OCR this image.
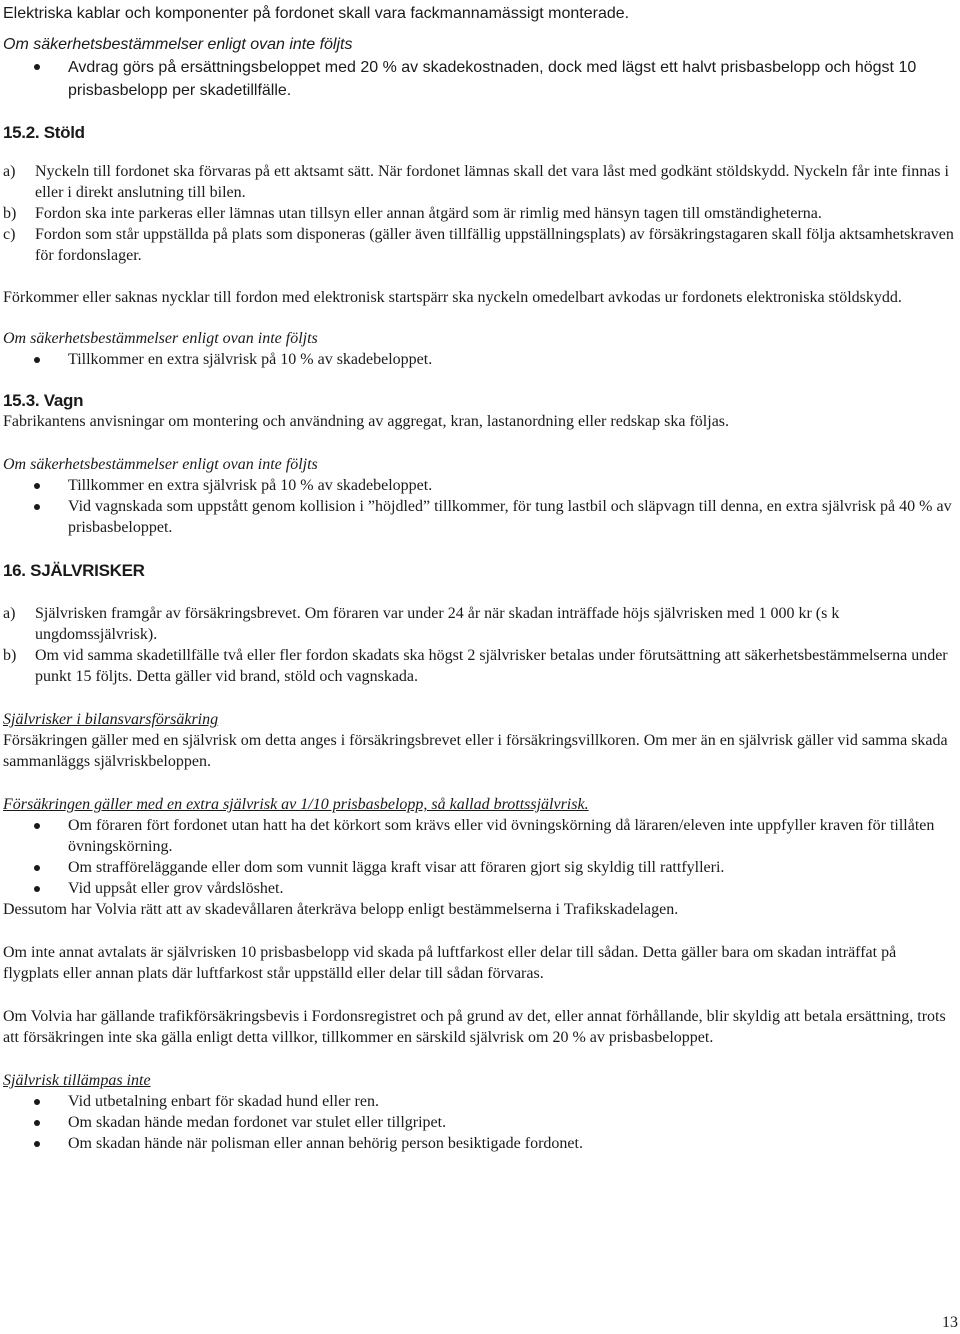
Elektriska kablar och komponenter på fordonet skall vara fackmannamässigt monterade.

Om säkerhetsbestämmelser enligt ovan inte följts

Avdrag görs på ersättningsbeloppet med 20 % av skadekostnaden, dock med lägst ett halvt prisbasbelopp och högst 10 prisbasbelopp per skadetillfälle.

15.2. Stöld

a) Nyckeln till fordonet ska förvaras på ett aktsamt sätt. När fordonet lämnas skall det vara låst med godkänt stöldskydd. Nyckeln får inte finnas i eller i direkt anslutning till bilen.
b) Fordon ska inte parkeras eller lämnas utan tillsyn eller annan åtgärd som är rimlig med hänsyn tagen till omständigheterna.
c) Fordon som står uppställda på plats som disponeras (gäller även tillfällig uppställningsplats) av försäkringstagaren skall följa aktsamhetskraven för fordonslager.

Förkommer eller saknas nycklar till fordon med elektronisk startspärr ska nyckeln omedelbart avkodas ur fordonets elektroniska stöldskydd.

Om säkerhetsbestämmelser enligt ovan inte följts

Tillkommer en extra självrisk på 10 % av skadebeloppet.

15.3. Vagn

Fabrikantens anvisningar om montering och användning av aggregat, kran, lastanordning eller redskap ska följas.

Om säkerhetsbestämmelser enligt ovan inte följts

Tillkommer en extra självrisk på 10 % av skadebeloppet.
Vid vagnskada som uppstått genom kollision i ”höjdled” tillkommer, för tung lastbil och släpvagn till denna, en extra självrisk på 40 % av prisbasbeloppet.

16. SJÄLVRISKER

a) Självrisken framgår av försäkringsbrevet. Om föraren var under 24 år när skadan inträffade höjs självrisken med 1 000 kr (s k ungdomssjälvrisk).
b) Om vid samma skadetillfälle två eller fler fordon skadats ska högst 2 självrisker betalas under förutsättning att säkerhetsbestämmelserna under punkt 15 följts. Detta gäller vid brand, stöld och vagnskada.

Självrisker i bilansvarsförsäkring

Försäkringen gäller med en självrisk om detta anges i försäkringsbrevet eller i försäkringsvillkoren. Om mer än en självrisk gäller vid samma skada sammanläggs självriskbeloppen.

Försäkringen gäller med en extra självrisk av 1/10 prisbasbelopp, så kallad brottssjälvrisk.

Om föraren fört fordonet utan hatt ha det körkort som krävs eller vid övningskörning då läraren/eleven inte uppfyller kraven för tillåten övningskörning.
Om strafföreläggande eller dom som vunnit lägga kraft visar att föraren gjort sig skyldig till rattfylleri.
Vid uppsåt eller grov vårdslöshet.

Dessutom har Volvia rätt att av skadevållaren återkräva belopp enligt bestämmelserna i Trafikskadelagen.

Om inte annat avtalats är självrisken 10 prisbasbelopp vid skada på luftfarkost eller delar till sådan. Detta gäller bara om skadan inträffat på flygplats eller annan plats där luftfarkost står uppställd eller delar till sådan förvaras.

Om Volvia har gällande trafikförsäkringsbevis i Fordonsregistret och på grund av det, eller annat förhållande, blir skyldig att betala ersättning, trots att försäkringen inte ska gälla enligt detta villkor, tillkommer en särskild självrisk om 20 % av prisbasbeloppet.

Självrisk tillämpas inte

Vid utbetalning enbart för skadad hund eller ren.
Om skadan hände medan fordonet var stulet eller tillgripet.
Om skadan hände när polisman eller annan behörig person besiktigade fordonet.
13
